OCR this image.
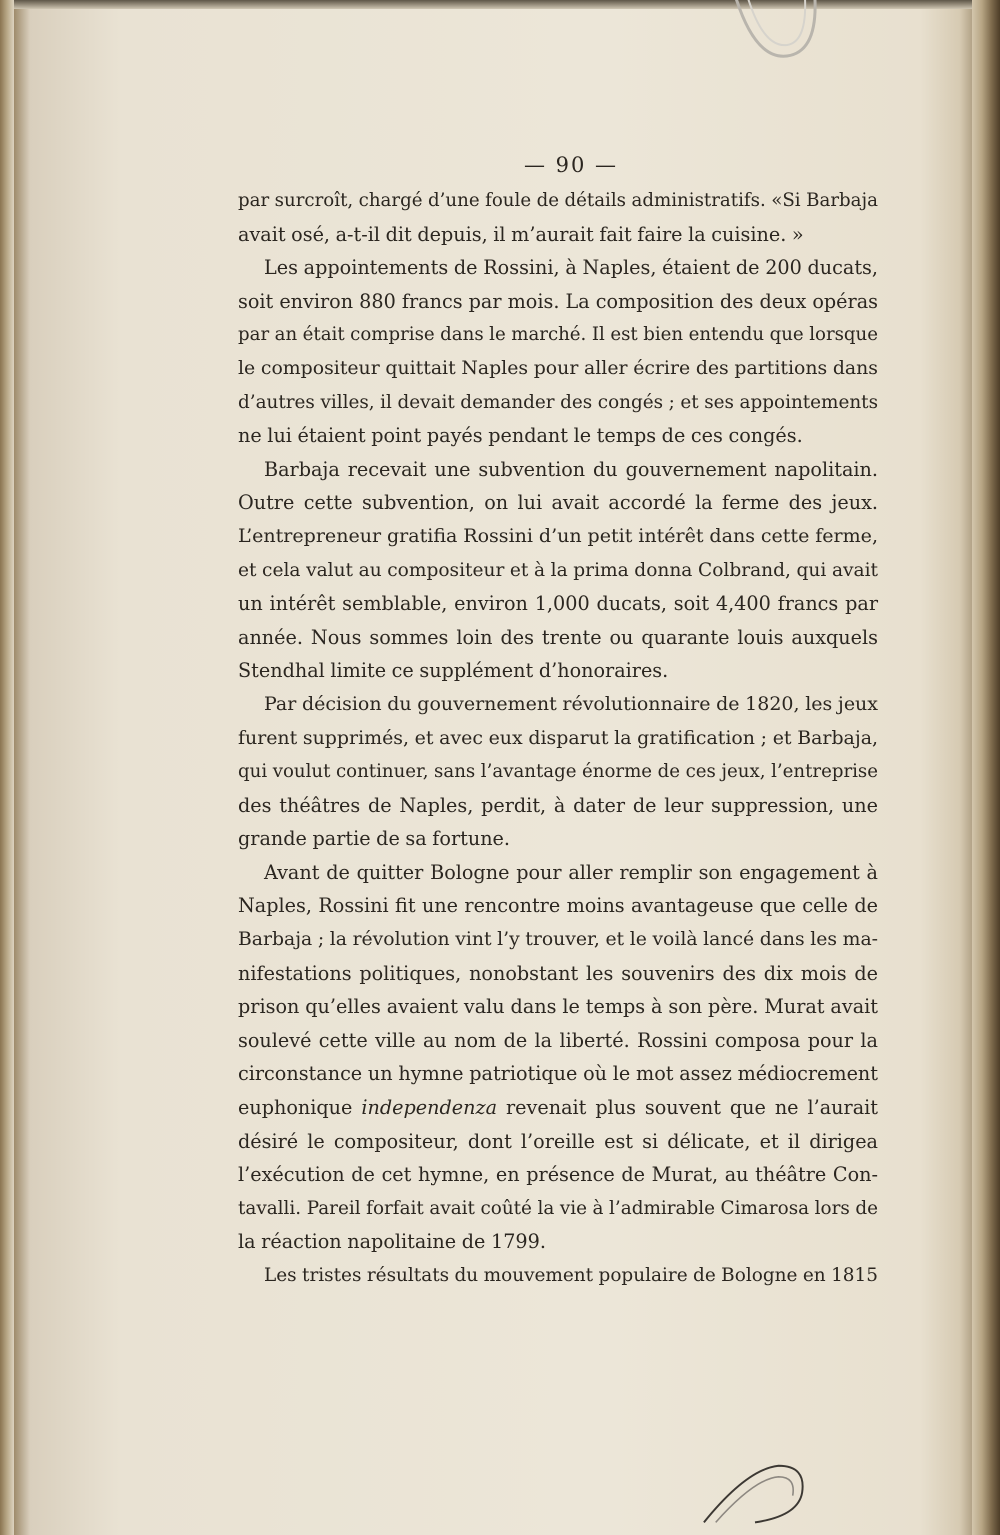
— 90 —
par surcroît, chargé d’une foule de détails administratifs. «Si Barbaja
avait osé, a-t-il dit depuis, il m’aurait fait faire la cuisine. »
Les appointements de Rossini, à Naples, étaient de 200 ducats,
soit environ 880 francs par mois. La composition des deux opéras
par an était comprise dans le marché. Il est bien entendu que lorsque
le compositeur quittait Naples pour aller écrire des partitions dans
d’autres villes, il devait demander des congés ; et ses appointements
ne lui étaient point payés pendant le temps de ces congés.
Barbaja recevait une subvention du gouvernement napolitain.
Outre cette subvention, on lui avait accordé la ferme des jeux.
L’entrepreneur gratifia Rossini d’un petit intérêt dans cette ferme,
et cela valut au compositeur et à la prima donna Colbrand, qui avait
un intérêt semblable, environ 1,000 ducats, soit 4,400 francs par
année. Nous sommes loin des trente ou quarante louis auxquels
Stendhal limite ce supplément d’honoraires.
Par décision du gouvernement révolutionnaire de 1820, les jeux
furent supprimés, et avec eux disparut la gratification ; et Barbaja,
qui voulut continuer, sans l’avantage énorme de ces jeux, l’entreprise
des théâtres de Naples, perdit, à dater de leur suppression, une
grande partie de sa fortune.
Avant de quitter Bologne pour aller remplir son engagement à
Naples, Rossini fit une rencontre moins avantageuse que celle de
Barbaja ; la révolution vint l’y trouver, et le voilà lancé dans les ma-
nifestations politiques, nonobstant les souvenirs des dix mois de
prison qu’elles avaient valu dans le temps à son père. Murat avait
soulevé cette ville au nom de la liberté. Rossini composa pour la
circonstance un hymne patriotique où le mot assez médiocrement
euphonique independenza revenait plus souvent que ne l’aurait
désiré le compositeur, dont l’oreille est si délicate, et il dirigea
l’exécution de cet hymne, en présence de Murat, au théâtre Con-
tavalli. Pareil forfait avait coûté la vie à l’admirable Cimarosa lors de
la réaction napolitaine de 1799.
Les tristes résultats du mouvement populaire de Bologne en 1815
